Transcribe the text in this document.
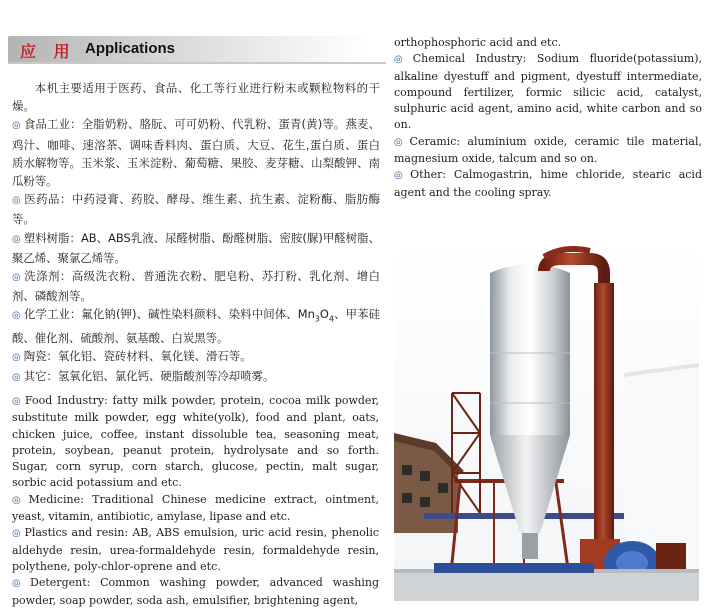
应 用 Applications

本机主要适用于医药、食品、化工等行业进行粉末或颗粒物料的干燥。

◎ 食品工业：全脂奶粉、胳朊、可可奶粉、代乳粉、蛋青(黄)等。燕麦、鸡汁、咖啡、速溶茶、调味香料肉、蛋白质、大豆、花生,蛋白质、蛋白质水解物等。玉米浆、玉米淀粉、葡萄糖、果胶、麦芽糖、山梨酸钾、南瓜粉等。

◎ 医药品：中药浸膏、药胶、酵母、维生素、抗生素、淀粉酶、脂肪酶等。

◎ 塑料树脂：AB、ABS乳液、尿醛树脂、酚醛树脂、密胺(脲)甲醛树脂、聚乙烯、聚氯乙烯等。

◎ 洗涤剂：高级洗衣粉、普通洗衣粉、肥皂粉、苏打粉、乳化剂、增白剂、磷酸剂等。

◎ 化学工业：氟化钠(钾)、碱性染料颜料、染料中间体、$Mn_3O_4$、甲苯硅酸、催化剂、硫酸剂、氨基酸、白炭黑等。

◎ 陶瓷：氧化铝、瓷砖材料、氧化镁、滑石等。

◎ 其它：氢氧化铝、氯化钙、硬脂酸剂等冷却喷雾。

◎ Food Industry: fatty milk powder, protein, cocoa milk powder, substitute milk powder, egg white(yolk), food and plant, oats, chicken juice, coffee, instant dissoluble tea, seasoning meat, protein, soybean, peanut protein, hydrolysate and so forth. Sugar, corn syrup, corn starch, glucose, pectin, malt sugar, sorbic acid potassium and etc.

◎ Medicine: Traditional Chinese medicine extract, ointment, yeast, vitamin, antibiotic, amylase, lipase and etc.

◎ Plastics and resin: AB, ABS emulsion, uric acid resin, phenolic aldehyde resin, urea-formaldehyde resin, formaldehyde resin, polythene, poly-chlor-oprene and etc.

◎ Detergent: Common washing powder, advanced washing powder, soap powder, soda ash, emulsifier, brightening agent,

orthophosphoric acid and etc.

◎ Chemical Industry: Sodium fluoride(potassium), alkaline dyestuff and pigment, dyestuff intermediate, compound fertilizer, formic silicic acid, catalyst, sulphuric acid agent, amino acid, white carbon and so on.

◎ Ceramic: aluminium oxide, ceramic tile material, magnesium oxide, talcum and so on.

◎ Other: Calmogastrin, hime chloride, stearic acid agent and the cooling spray.
